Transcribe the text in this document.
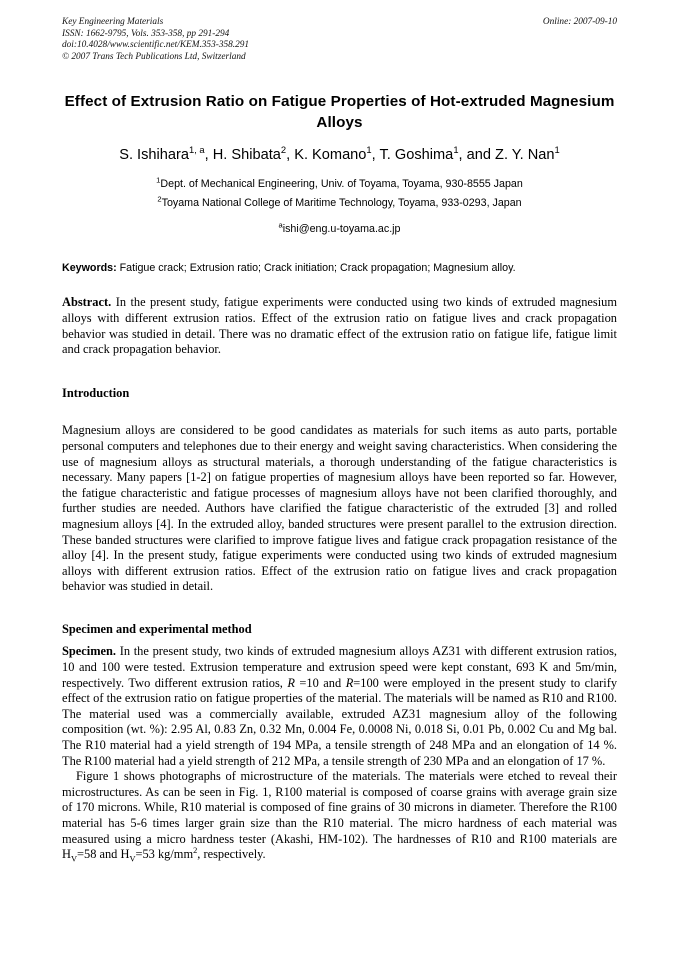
Key Engineering Materials
ISSN: 1662-9795, Vols. 353-358, pp 291-294
doi:10.4028/www.scientific.net/KEM.353-358.291
© 2007 Trans Tech Publications Ltd, Switzerland
Online: 2007-09-10
Effect of Extrusion Ratio on Fatigue Properties of Hot-extruded Magnesium Alloys
S. Ishihara$^{1, a}$, H. Shibata$^2$, K. Komano$^1$, T. Goshima$^1$, and Z. Y. Nan$^1$
$^1$Dept. of Mechanical Engineering, Univ. of Toyama, Toyama, 930-8555 Japan
$^2$Toyama National College of Maritime Technology, Toyama, 933-0293, Japan
$^a$ishi@eng.u-toyama.ac.jp
Keywords: Fatigue crack; Extrusion ratio; Crack initiation; Crack propagation; Magnesium alloy.
Abstract. In the present study, fatigue experiments were conducted using two kinds of extruded magnesium alloys with different extrusion ratios. Effect of the extrusion ratio on fatigue lives and crack propagation behavior was studied in detail. There was no dramatic effect of the extrusion ratio on fatigue life, fatigue limit and crack propagation behavior.
Introduction
Magnesium alloys are considered to be good candidates as materials for such items as auto parts, portable personal computers and telephones due to their energy and weight saving characteristics. When considering the use of magnesium alloys as structural materials, a thorough understanding of the fatigue characteristics is necessary. Many papers [1-2] on fatigue properties of magnesium alloys have been reported so far. However, the fatigue characteristic and fatigue processes of magnesium alloys have not been clarified thoroughly, and further studies are needed. Authors have clarified the fatigue characteristic of the extruded [3] and rolled magnesium alloys [4]. In the extruded alloy, banded structures were present parallel to the extrusion direction. These banded structures were clarified to improve fatigue lives and fatigue crack propagation resistance of the alloy [4]. In the present study, fatigue experiments were conducted using two kinds of extruded magnesium alloys with different extrusion ratios. Effect of the extrusion ratio on fatigue lives and crack propagation behavior was studied in detail.
Specimen and experimental method
Specimen. In the present study, two kinds of extruded magnesium alloys AZ31 with different extrusion ratios, 10 and 100 were tested. Extrusion temperature and extrusion speed were kept constant, 693 K and 5m/min, respectively. Two different extrusion ratios, R =10 and R=100 were employed in the present study to clarify effect of the extrusion ratio on fatigue properties of the material. The materials will be named as R10 and R100. The material used was a commercially available, extruded AZ31 magnesium alloy of the following composition (wt. %): 2.95 Al, 0.83 Zn, 0.32 Mn, 0.004 Fe, 0.0008 Ni, 0.018 Si, 0.01 Pb, 0.002 Cu and Mg bal. The R10 material had a yield strength of 194 MPa, a tensile strength of 248 MPa and an elongation of 14 %. The R100 material had a yield strength of 212 MPa, a tensile strength of 230 MPa and an elongation of 17 %.
Figure 1 shows photographs of microstructure of the materials. The materials were etched to reveal their microstructures. As can be seen in Fig. 1, R100 material is composed of coarse grains with average grain size of 170 microns. While, R10 material is composed of fine grains of 30 microns in diameter. Therefore the R100 material has 5-6 times larger grain size than the R10 material. The micro hardness of each material was measured using a micro hardness tester (Akashi, HM-102). The hardnesses of R10 and R100 materials are $H_V=58$ and $H_V=53$ $kg/mm^2$, respectively.
